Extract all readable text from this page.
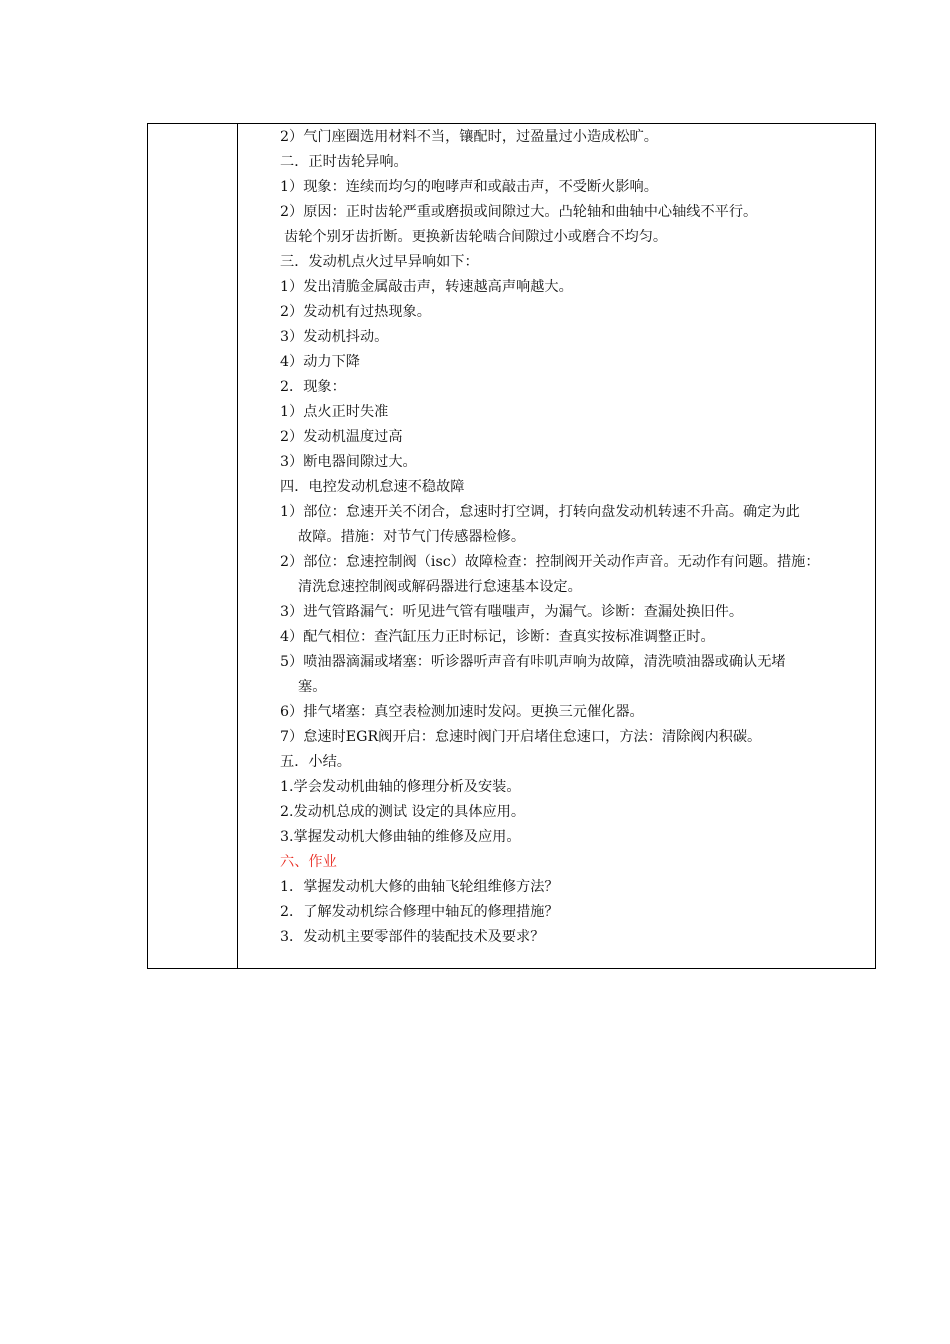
2）气门座圈选用材料不当，镶配时，过盈量过小造成松旷。
二．正时齿轮异响。
1）现象：连续而均匀的咆哮声和或敲击声，不受断火影响。
2）原因：正时齿轮严重或磨损或间隙过大。凸轮轴和曲轴中心轴线不平行。
齿轮个别牙齿折断。更换新齿轮啮合间隙过小或磨合不均匀。
三．发动机点火过早异响如下：
1）发出清脆金属敲击声，转速越高声响越大。
2）发动机有过热现象。
3）发动机抖动。
4）动力下降
2．现象：
1）点火正时失准
2）发动机温度过高
3）断电器间隙过大。
四．电控发动机怠速不稳故障
1）部位：怠速开关不闭合，怠速时打空调，打转向盘发动机转速不升高。确定为此
故障。措施：对节气门传感器检修。
2）部位：怠速控制阀（isc）故障检查：控制阀开关动作声音。无动作有问题。措施：
清洗怠速控制阀或解码器进行怠速基本设定。
3）进气管路漏气：听见进气管有嗤嗤声，为漏气。诊断：查漏处换旧件。
4）配气相位：查汽缸压力正时标记，诊断：查真实按标准调整正时。
5）喷油器滴漏或堵塞：听诊器听声音有咔叽声响为故障，清洗喷油器或确认无堵
塞。
6）排气堵塞：真空表检测加速时发闷。更换三元催化器。
7）怠速时EGR阀开启：怠速时阀门开启堵住怠速口，方法：清除阀内积碳。
五．小结。
1.学会发动机曲轴的修理分析及安装。
2.发动机总成的测试 设定的具体应用。
3.掌握发动机大修曲轴的维修及应用。
六、作业
1．掌握发动机大修的曲轴飞轮组维修方法？
2．了解发动机综合修理中轴瓦的修理措施？
3．发动机主要零部件的装配技术及要求？
